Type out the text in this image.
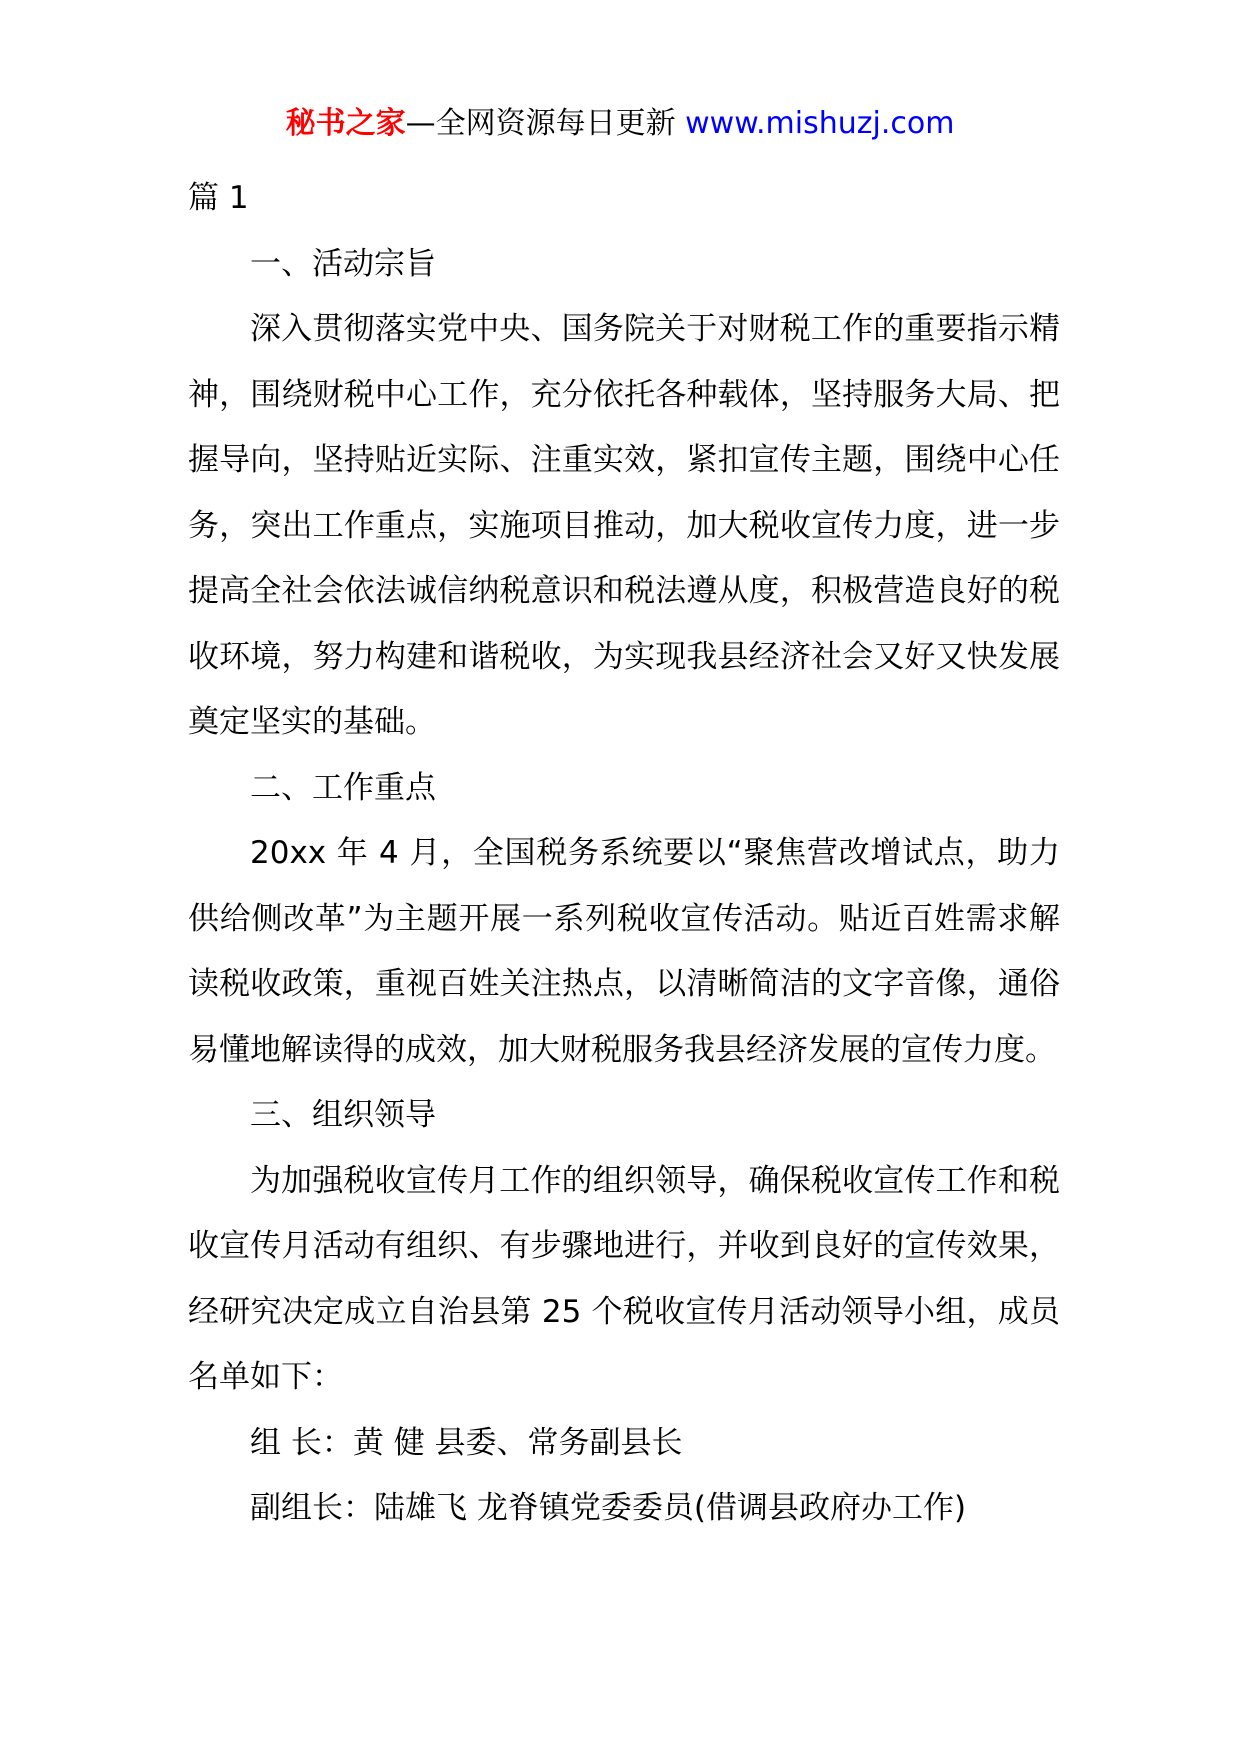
秘书之家—全网资源每日更新 www.mishuzj.com

篇 1

一、活动宗旨

深入贯彻落实党中央、国务院关于对财税工作的重要指示精神，围绕财税中心工作，充分依托各种载体，坚持服务大局、把握导向，坚持贴近实际、注重实效，紧扣宣传主题，围绕中心任务，突出工作重点，实施项目推动，加大税收宣传力度，进一步提高全社会依法诚信纳税意识和税法遵从度，积极营造良好的税收环境，努力构建和谐税收，为实现我县经济社会又好又快发展奠定坚实的基础。

二、工作重点

20xx 年 4 月，全国税务系统要以“聚焦营改增试点，助力供给侧改革”为主题开展一系列税收宣传活动。贴近百姓需求解读税收政策，重视百姓关注热点，以清晰简洁的文字音像，通俗易懂地解读得的成效，加大财税服务我县经济发展的宣传力度。

三、组织领导

为加强税收宣传月工作的组织领导，确保税收宣传工作和税收宣传月活动有组织、有步骤地进行，并收到良好的宣传效果，经研究决定成立自治县第 25 个税收宣传月活动领导小组，成员名单如下：

组 长：黄 健 县委、常务副县长

副组长：陆雄飞 龙脊镇党委委员(借调县政府办工作)
